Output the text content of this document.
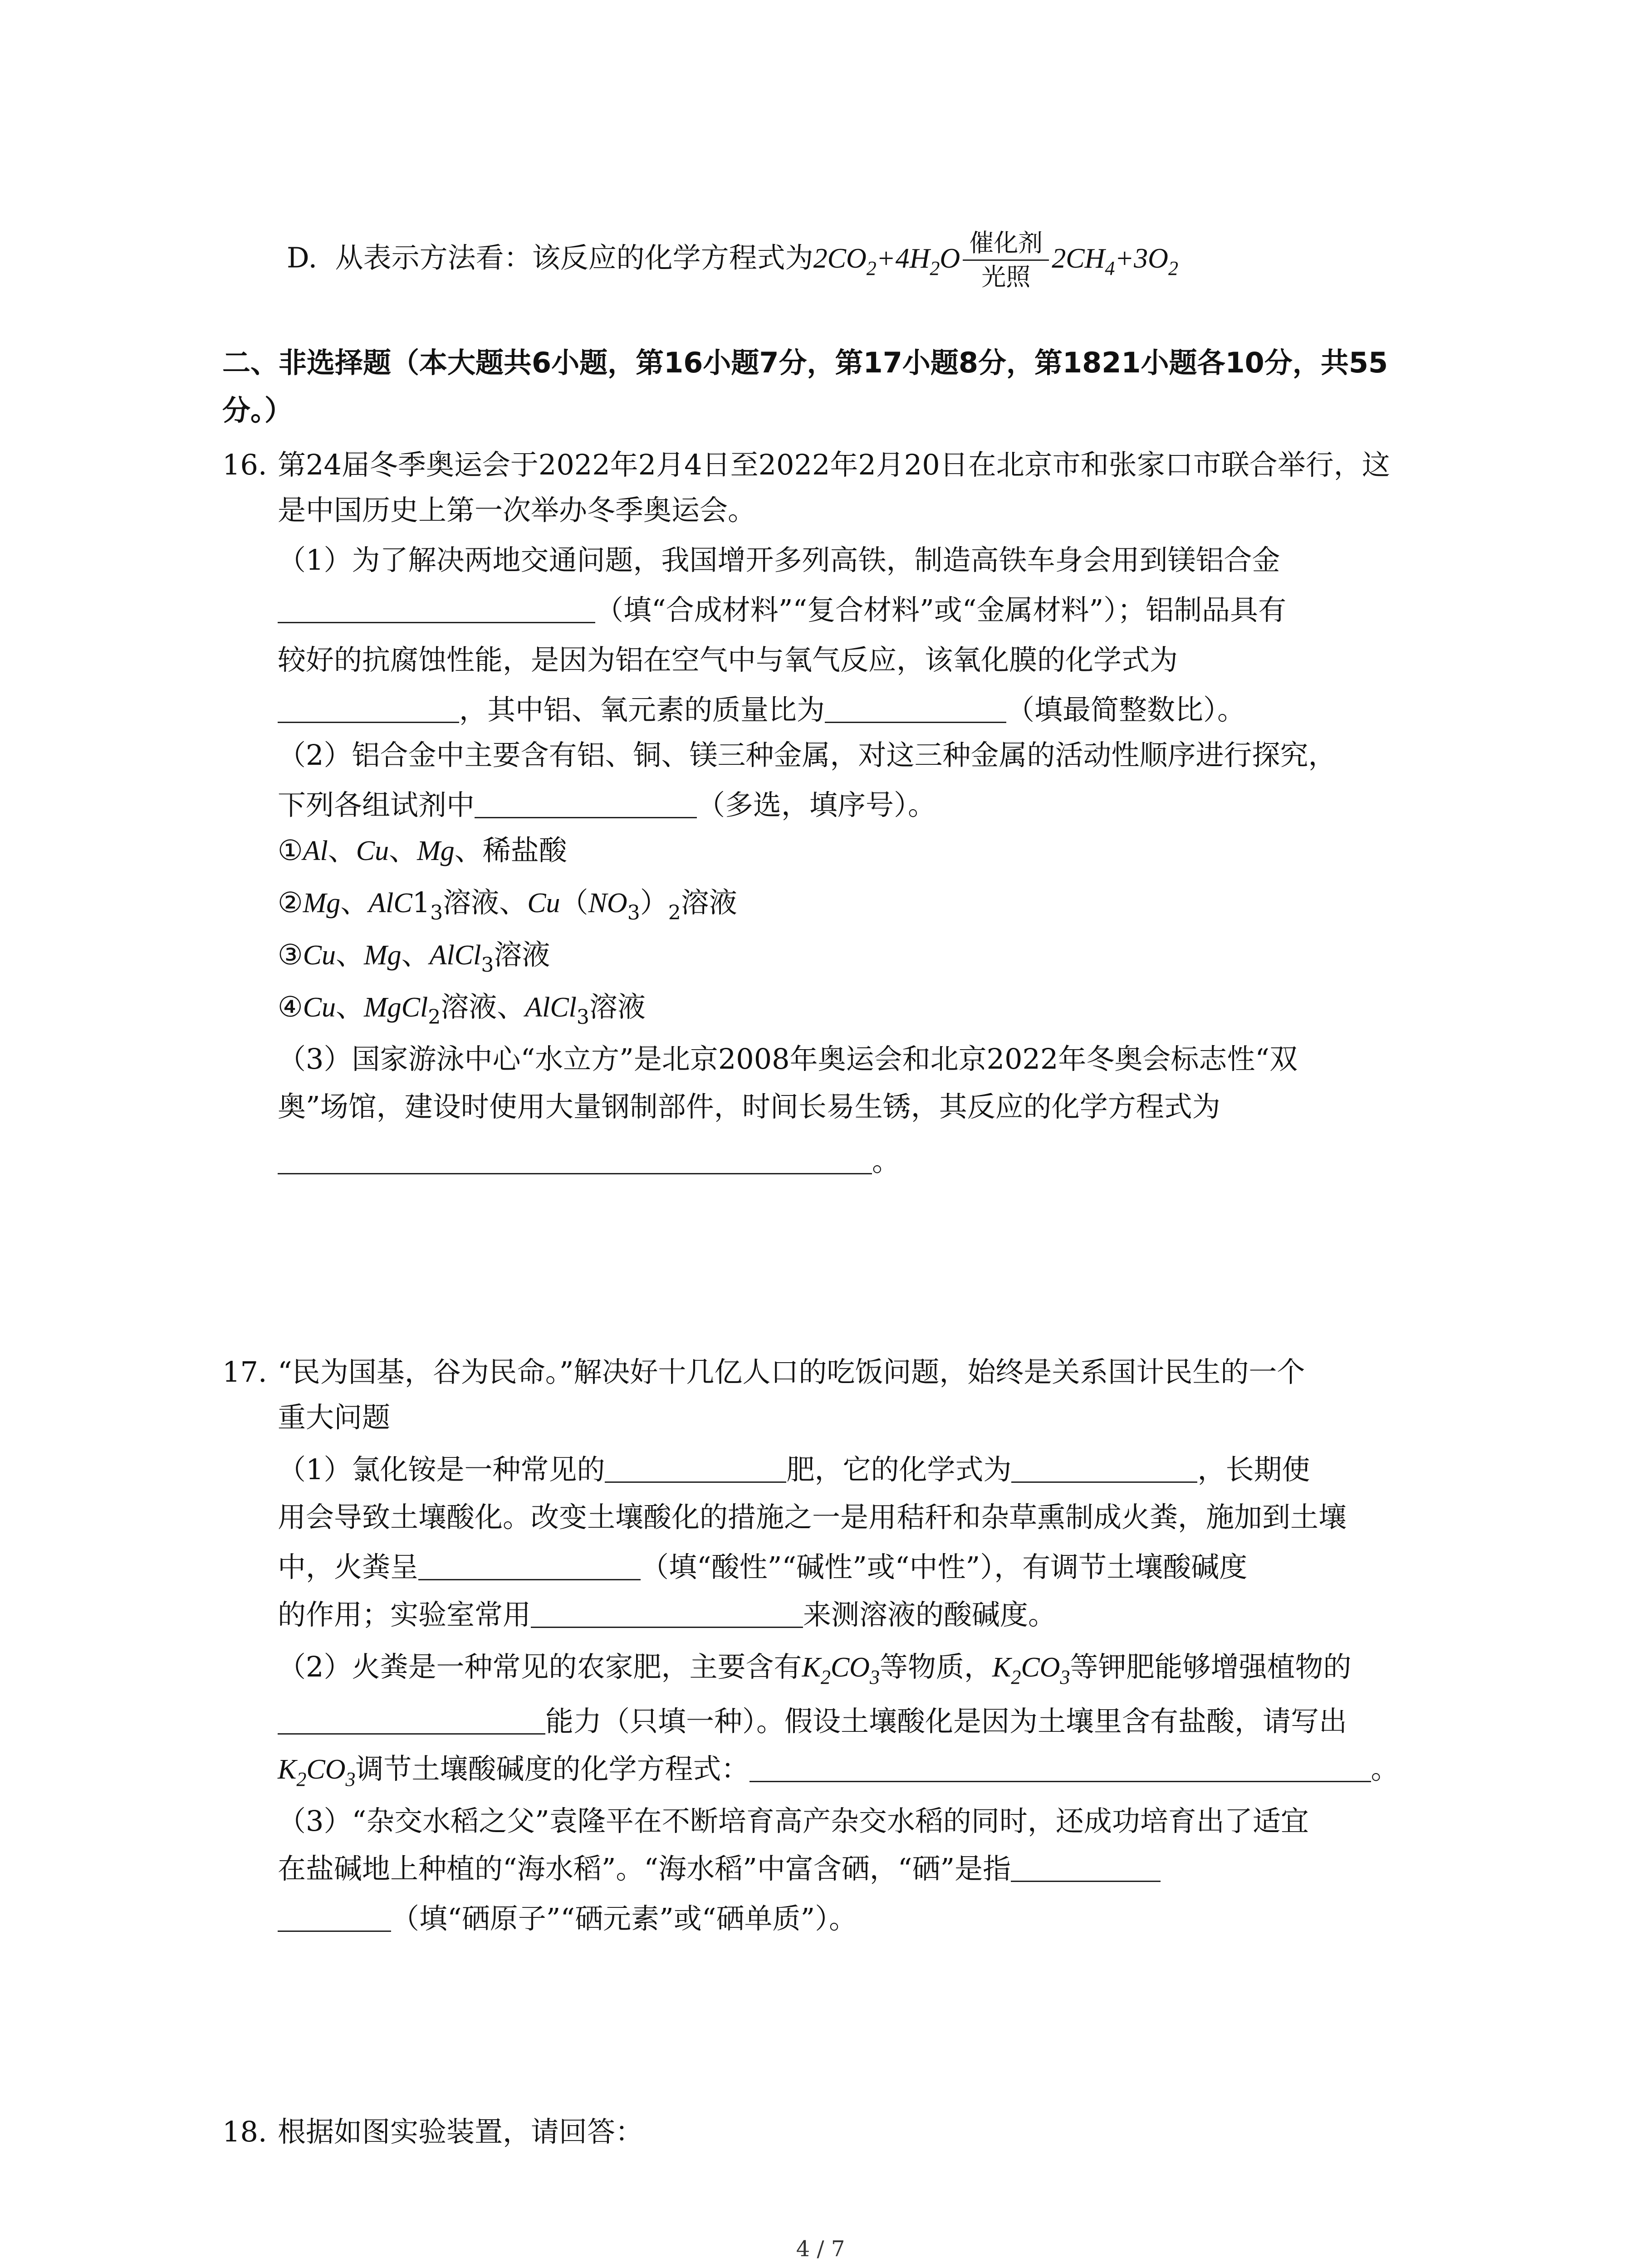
D. 从表示方法看：该反应的化学方程式为$2CO_2+4H_2O \frac{\text{催化剂}}{\text{光照}} 2CH_4+3O_2$
二、非选择题（本大题共6小题，第16小题7分，第17小题8分，第1821小题各10分，共55
分。）
16. 第24届冬季奥运会于2022年2月4日至2022年2月20日在北京市和张家口市联合举行，这
是中国历史上第一次举办冬季奥运会。
（1）为了解决两地交通问题，我国增开多列高铁，制造高铁车身会用到镁铝合金
（填“合成材料”“复合材料”或“金属材料”）；铝制品具有
较好的抗腐蚀性能，是因为铝在空气中与氧气反应，该氧化膜的化学式为
，其中铝、氧元素的质量比为	（填最简整数比）。
（2）铝合金中主要含有铝、铜、镁三种金属，对这三种金属的活动性顺序进行探究，
下列各组试剂中	（多选，填序号）。
①Al、Cu、Mg、稀盐酸
②Mg、$AlC1_3$溶液、$Cu(NO_3)_2$溶液
③Cu、Mg、AlCl$_3$溶液
④Cu、MgCl$_2$溶液、AlCl$_3$溶液
（3）国家游泳中心“水立方”是北京2008年奥运会和北京2022年冬奥会标志性“双
奥”场馆，建设时使用大量钢制部件，时间长易生锈，其反应的化学方程式为
。
17. “民为国基，谷为民命。”解决好十几亿人口的吃饭问题，始终是关系国计民生的一个
重大问题
（1）氯化铵是一种常见的	肥，它的化学式为	，长期使
用会导致土壤酸化。改变土壤酸化的措施之一是用秸秆和杂草熏制成火粪，施加到土壤
中，火粪呈	（填“酸性”“碱性”或“中性”），有调节土壤酸碱度
的作用；实验室常用	来测溶液的酸碱度。
（2）火粪是一种常见的农家肥，主要含有$K_2CO_3$等物质，$K_2CO_3$等钾肥能够增强植物的
能力（只填一种）。假设土壤酸化是因为土壤里含有盐酸，请写出
$K_2CO_3$调节土壤酸碱度的化学方程式：	。
（3）“杂交水稻之父”袁隆平在不断培育高产杂交水稻的同时，还成功培育出了适宜
在盐碱地上种植的“海水稻”。“海水稻”中富含硒，“硒”是指
（填“硒原子”“硒元素”或“硒单质”）。
18. 根据如图实验装置，请回答：
4 / 7
